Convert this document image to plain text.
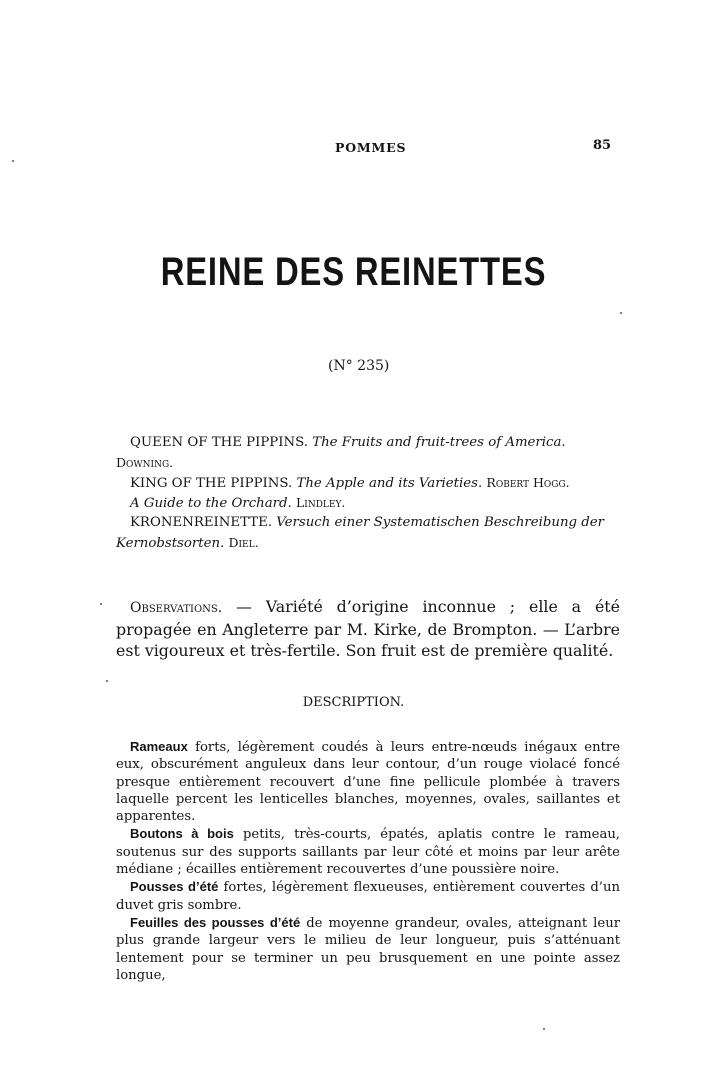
POMMES	85
REINE DES REINETTES
(N° 235)
QUEEN OF THE PIPPINS. The Fruits and fruit-trees of America. Downing.
KING OF THE PIPPINS. The Apple and its Varieties. Robert Hogg.
A Guide to the Orchard. Lindley.
KRONENREINETTE. Versuch einer Systematischen Beschreibung der Kernobstsorten. Diel.
Observations. — Variété d’origine inconnue ; elle a été propagée en Angleterre par M. Kirke, de Brompton. — L’arbre est vigoureux et très-fertile. Son fruit est de première qualité.
DESCRIPTION.

Rameaux forts, légèrement coudés à leurs entre-nœuds inégaux entre eux, obscurément anguleux dans leur contour, d’un rouge violacé foncé presque entièrement recouvert d’une fine pellicule plombée à travers laquelle percent les lenticelles blanches, moyennes, ovales, saillantes et apparentes.

Boutons à bois petits, très-courts, épatés, aplatis contre le rameau, soutenus sur des supports saillants par leur côté et moins par leur arête médiane ; écailles entièrement recouvertes d’une poussière noire.

Pousses d’été fortes, légèrement flexueuses, entièrement couvertes d’un duvet gris sombre.

Feuilles des pousses d’été de moyenne grandeur, ovales, atteignant leur plus grande largeur vers le milieu de leur longueur, puis s’atténuant lentement pour se terminer un peu brusquement en une pointe assez longue,
